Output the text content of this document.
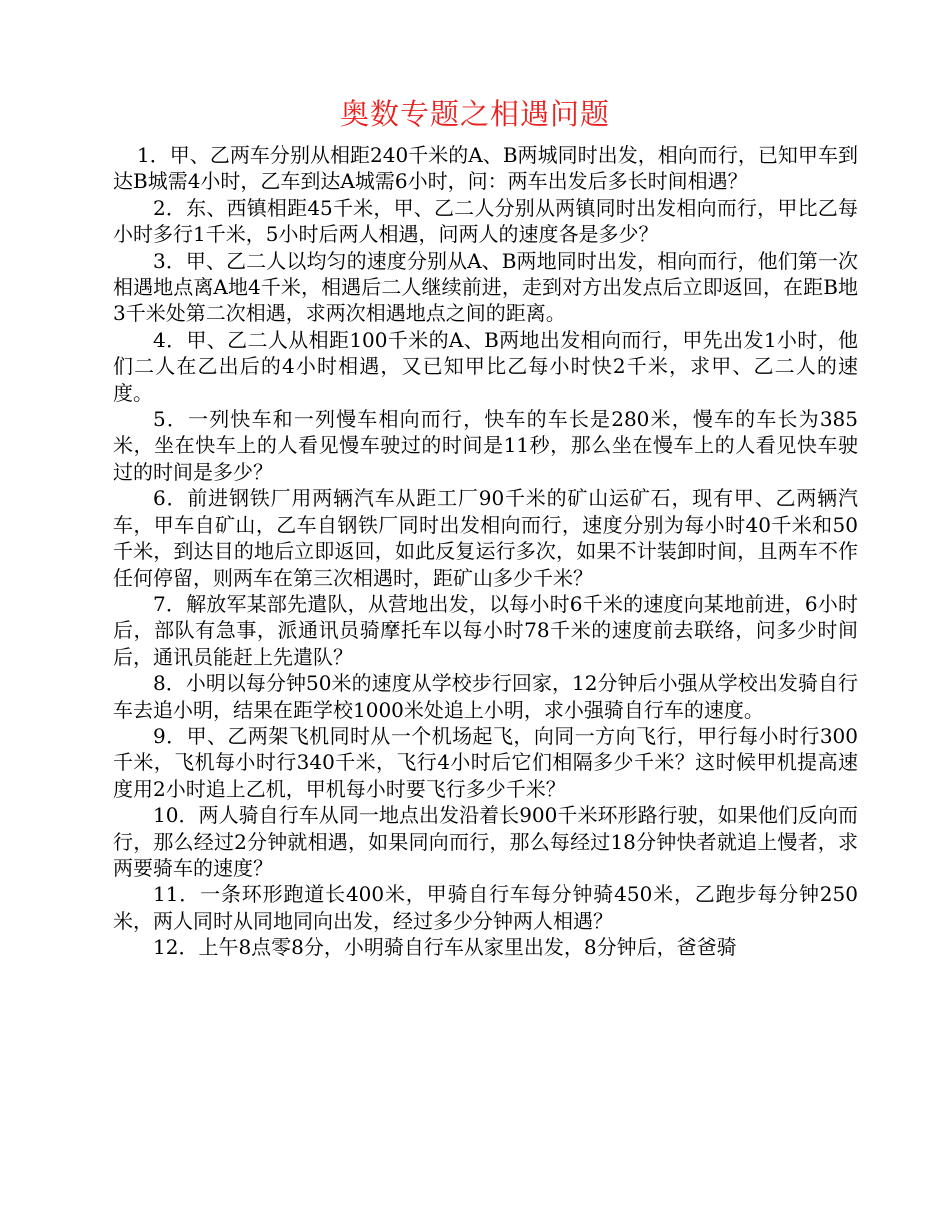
奥数专题之相遇问题

1．甲、乙两车分别从相距240千米的A、B两城同时出发，相向而行，已知甲车到达B城需4小时，乙车到达A城需6小时，问：两车出发后多长时间相遇？

2．东、西镇相距45千米，甲、乙二人分别从两镇同时出发相向而行，甲比乙每小时多行1千米，5小时后两人相遇，问两人的速度各是多少？

3．甲、乙二人以均匀的速度分别从A、B两地同时出发，相向而行，他们第一次相遇地点离A地4千米，相遇后二人继续前进，走到对方出发点后立即返回，在距B地3千米处第二次相遇，求两次相遇地点之间的距离。

4．甲、乙二人从相距100千米的A、B两地出发相向而行，甲先出发1小时，他们二人在乙出后的4小时相遇，又已知甲比乙每小时快2千米，求甲、乙二人的速度。

5．一列快车和一列慢车相向而行，快车的车长是280米，慢车的车长为385米，坐在快车上的人看见慢车驶过的时间是11秒，那么坐在慢车上的人看见快车驶过的时间是多少？

6．前进钢铁厂用两辆汽车从距工厂90千米的矿山运矿石，现有甲、乙两辆汽车，甲车自矿山，乙车自钢铁厂同时出发相向而行，速度分别为每小时40千米和50千米，到达目的地后立即返回，如此反复运行多次，如果不计装卸时间，且两车不作任何停留，则两车在第三次相遇时，距矿山多少千米？

7．解放军某部先遣队，从营地出发，以每小时6千米的速度向某地前进，6小时后，部队有急事，派通讯员骑摩托车以每小时78千米的速度前去联络，问多少时间后，通讯员能赶上先遣队？

8．小明以每分钟50米的速度从学校步行回家，12分钟后小强从学校出发骑自行车去追小明，结果在距学校1000米处追上小明，求小强骑自行车的速度。

9．甲、乙两架飞机同时从一个机场起飞，向同一方向飞行，甲行每小时行300千米，飞机每小时行340千米，飞行4小时后它们相隔多少千米？这时候甲机提高速度用2小时追上乙机，甲机每小时要飞行多少千米？

10．两人骑自行车从同一地点出发沿着长900千米环形路行驶，如果他们反向而行，那么经过2分钟就相遇，如果同向而行，那么每经过18分钟快者就追上慢者，求两要骑车的速度？

11．一条环形跑道长400米，甲骑自行车每分钟骑450米，乙跑步每分钟250米，两人同时从同地同向出发，经过多少分钟两人相遇？

12．上午8点零8分，小明骑自行车从家里出发，8分钟后，爸爸骑
